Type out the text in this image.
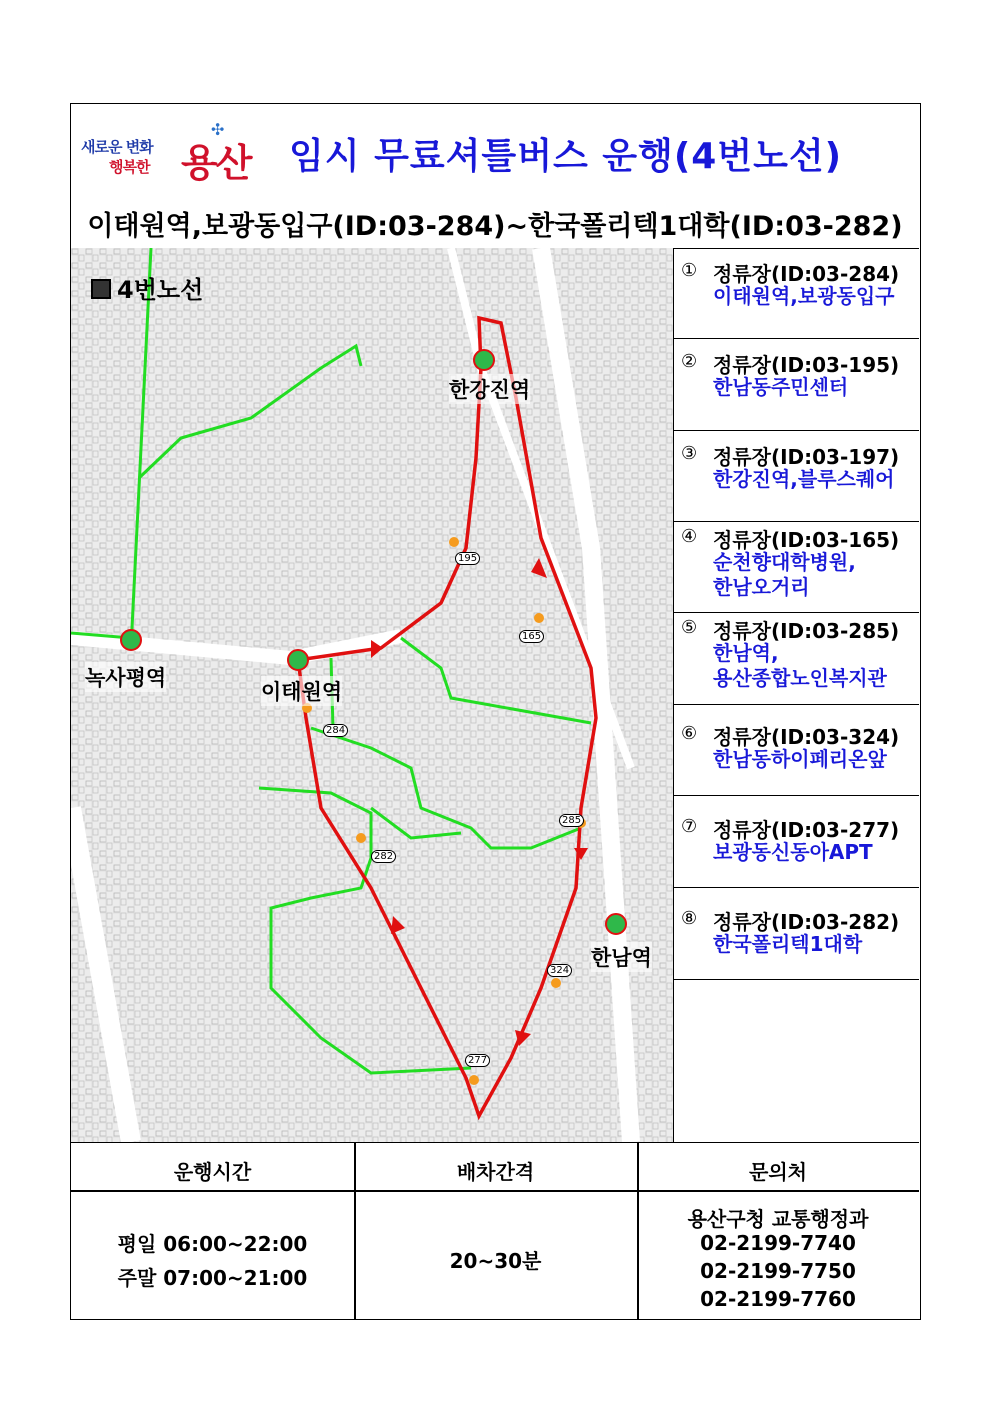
✣
새로운 변화
행복한 용산 임시 무료셔틀버스 운행(4번노선)
이태원역,보광동입구(ID:03-284)~한국폴리텍1대학(ID:03-282)
4번노선
녹사평역
이태원역
한강진역
한남역
284
195
165
285
324
277
282
① 정류장(ID:03-284)
이태원역,보광동입구
② 정류장(ID:03-195)
한남동주민센터
③ 정류장(ID:03-197)
한강진역,블루스퀘어
④ 정류장(ID:03-165)
순천향대학병원,
한남오거리
⑤ 정류장(ID:03-285)
한남역,
용산종합노인복지관
⑥ 정류장(ID:03-324)
한남동하이페리온앞
⑦ 정류장(ID:03-277)
보광동신동아APT
⑧ 정류장(ID:03-282)
한국폴리텍1대학
운행시간	배차간격	문의처
평일 06:00~22:00
주말 07:00~21:00
20~30분
용산구청 교통행정과
02-2199-7740
02-2199-7750
02-2199-7760
